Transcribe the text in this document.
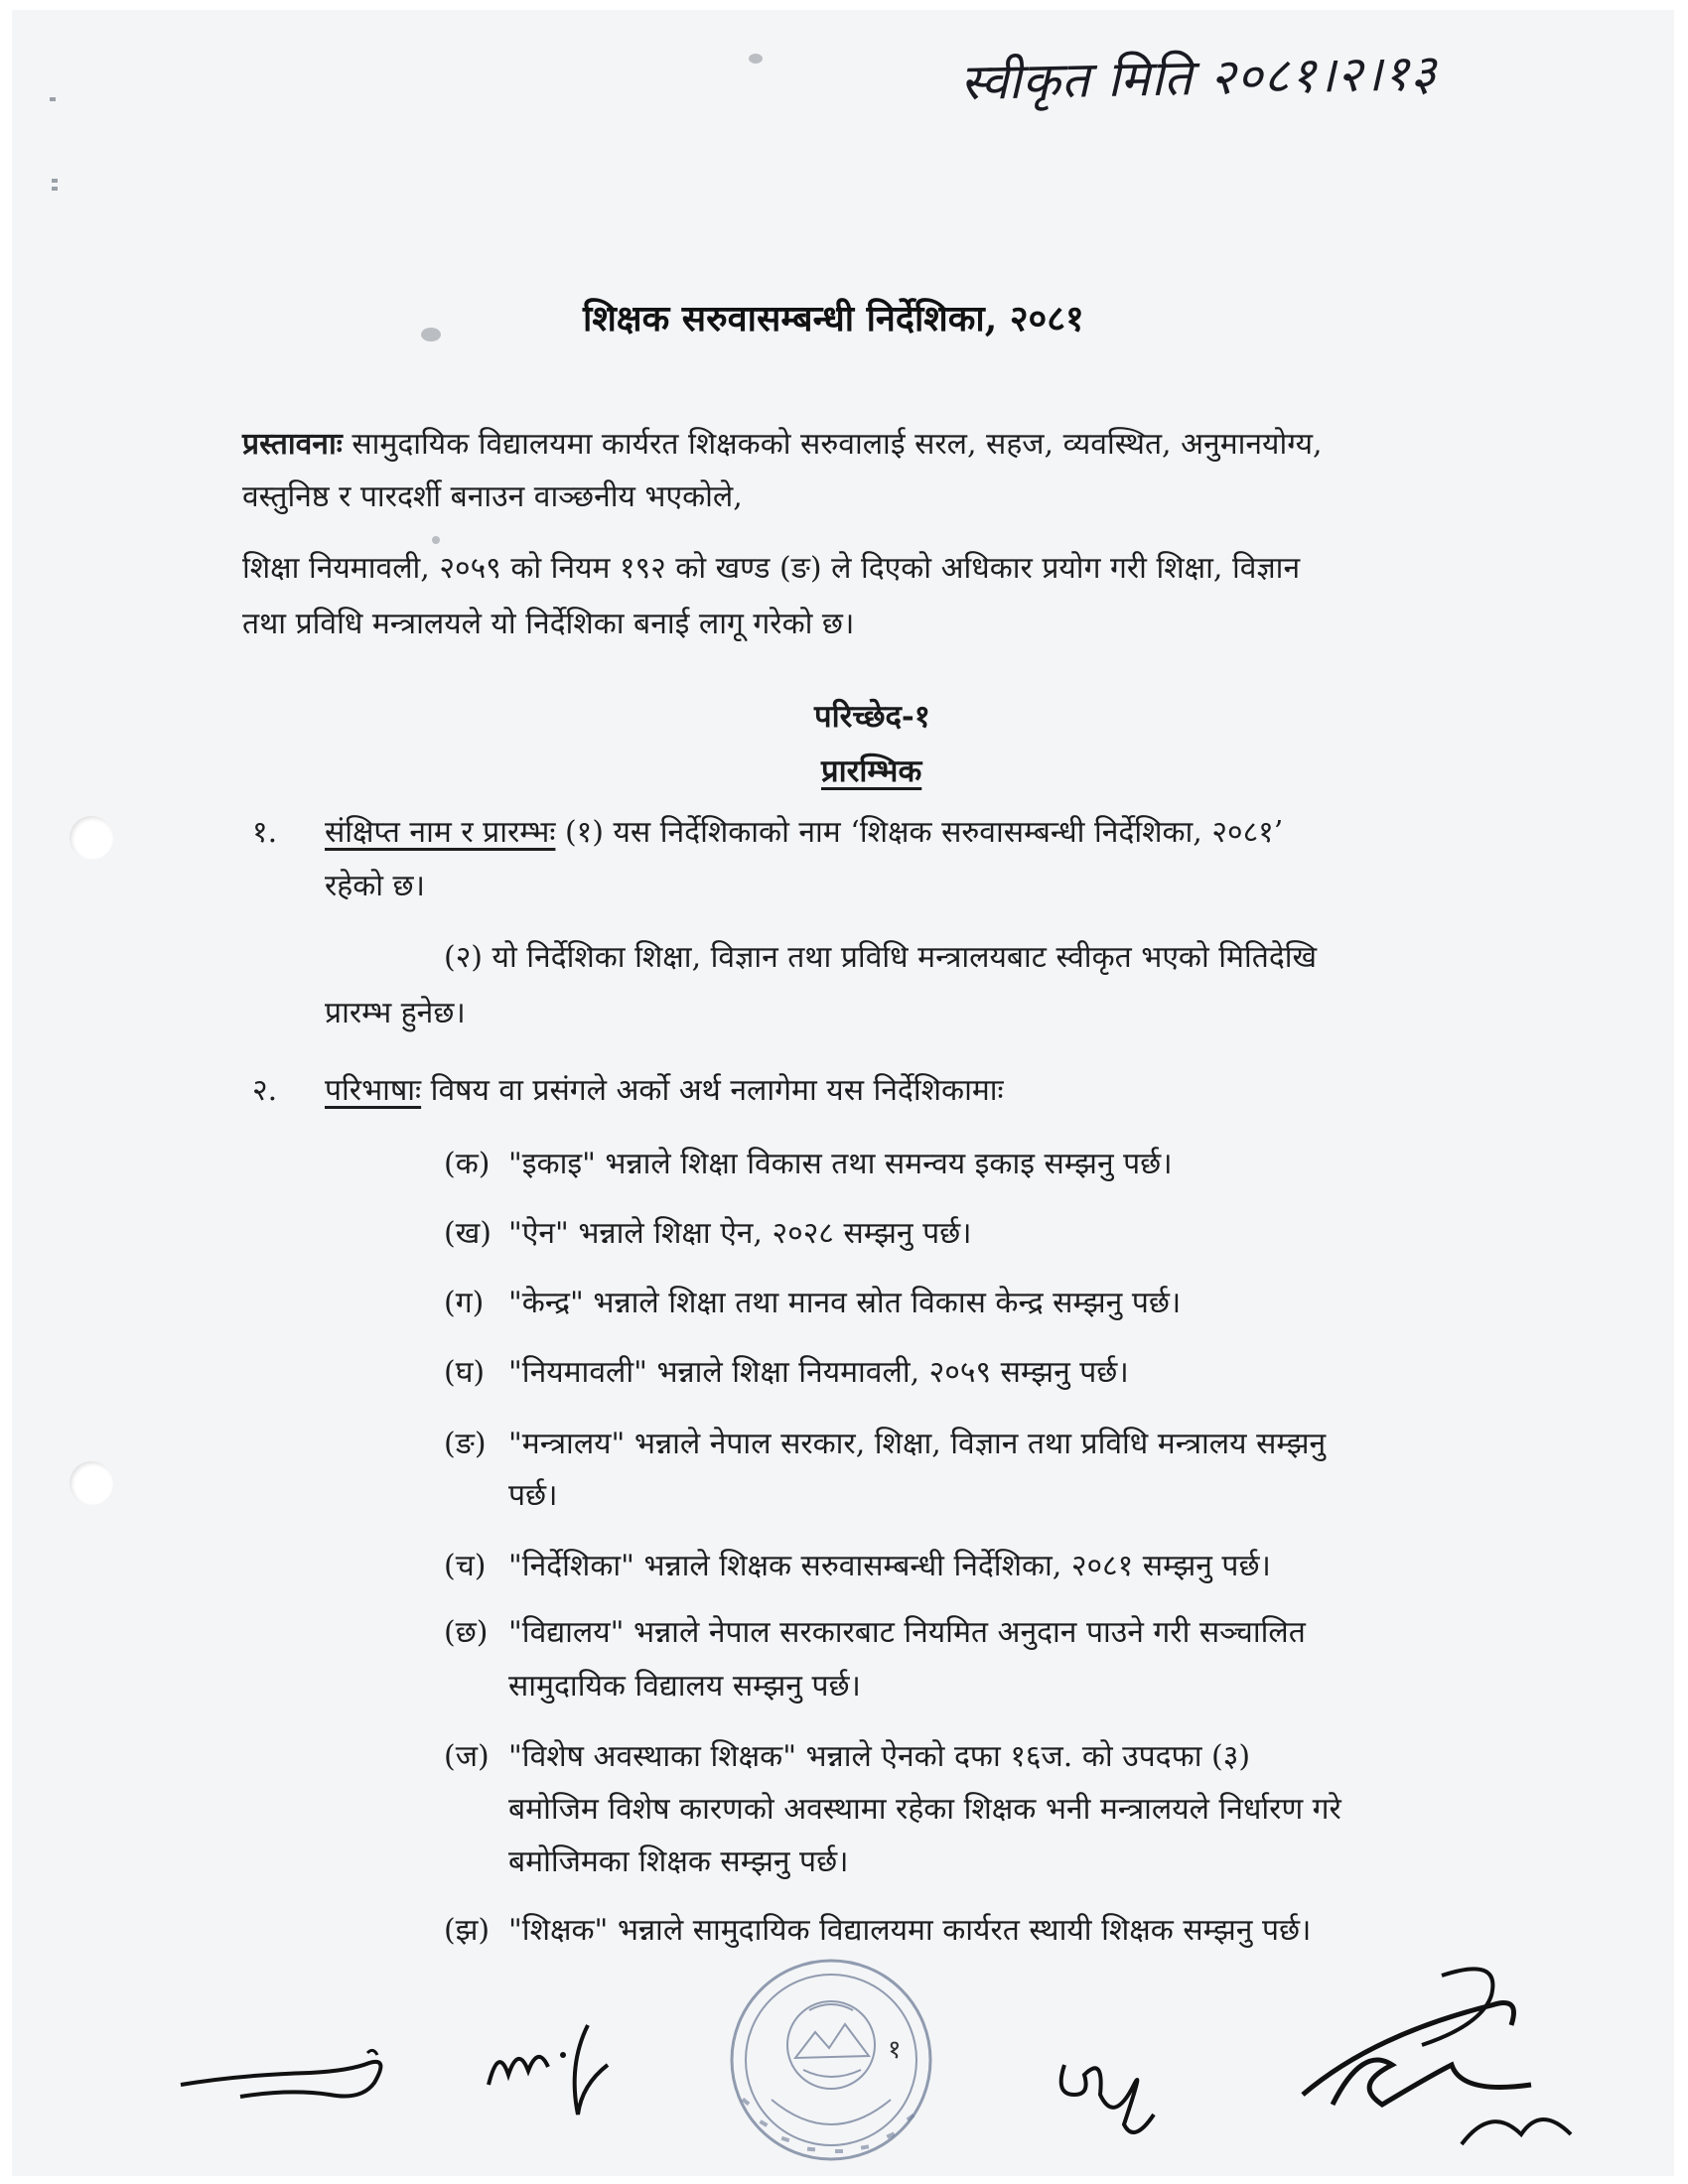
स्वीकृत मिति २०८१।२।१३
शिक्षक सरुवासम्बन्धी निर्देशिका, २०८१
प्रस्तावनाः सामुदायिक विद्यालयमा कार्यरत शिक्षकको सरुवालाई सरल, सहज, व्यवस्थित, अनुमानयोग्य,
वस्तुनिष्ठ र पारदर्शी बनाउन वाञ्छनीय भएकोले,
शिक्षा नियमावली, २०५९ को नियम १९२ को खण्ड (ङ) ले दिएको अधिकार प्रयोग गरी शिक्षा, विज्ञान
तथा प्रविधि मन्त्रालयले यो निर्देशिका बनाई लागू गरेको छ।
परिच्छेद-१
प्रारम्भिक
१. संक्षिप्त नाम र प्रारम्भः (१) यस निर्देशिकाको नाम ‘शिक्षक सरुवासम्बन्धी निर्देशिका, २०८१’
रहेको छ।
(२) यो निर्देशिका शिक्षा, विज्ञान तथा प्रविधि मन्त्रालयबाट स्वीकृत भएको मितिदेखि
प्रारम्भ हुनेछ।
२. परिभाषाः विषय वा प्रसंगले अर्को अर्थ नलागेमा यस निर्देशिकामाः
(क) "इकाइ" भन्नाले शिक्षा विकास तथा समन्वय इकाइ सम्झनु पर्छ।
(ख) "ऐन" भन्नाले शिक्षा ऐन, २०२८ सम्झनु पर्छ।
(ग) "केन्द्र" भन्नाले शिक्षा तथा मानव स्रोत विकास केन्द्र सम्झनु पर्छ।
(घ) "नियमावली" भन्नाले शिक्षा नियमावली, २०५९ सम्झनु पर्छ।
(ङ) "मन्त्रालय" भन्नाले नेपाल सरकार, शिक्षा, विज्ञान तथा प्रविधि मन्त्रालय सम्झनु
पर्छ।
(च) "निर्देशिका" भन्नाले शिक्षक सरुवासम्बन्धी निर्देशिका, २०८१ सम्झनु पर्छ।
(छ) "विद्यालय" भन्नाले नेपाल सरकारबाट नियमित अनुदान पाउने गरी सञ्चालित
सामुदायिक विद्यालय सम्झनु पर्छ।
(ज) "विशेष अवस्थाका शिक्षक" भन्नाले ऐनको दफा १६ज. को उपदफा (३)
बमोजिम विशेष कारणको अवस्थामा रहेका शिक्षक भनी मन्त्रालयले निर्धारण गरे
बमोजिमका शिक्षक सम्झनु पर्छ।
(झ) "शिक्षक" भन्नाले सामुदायिक विद्यालयमा कार्यरत स्थायी शिक्षक सम्झनु पर्छ।
१
